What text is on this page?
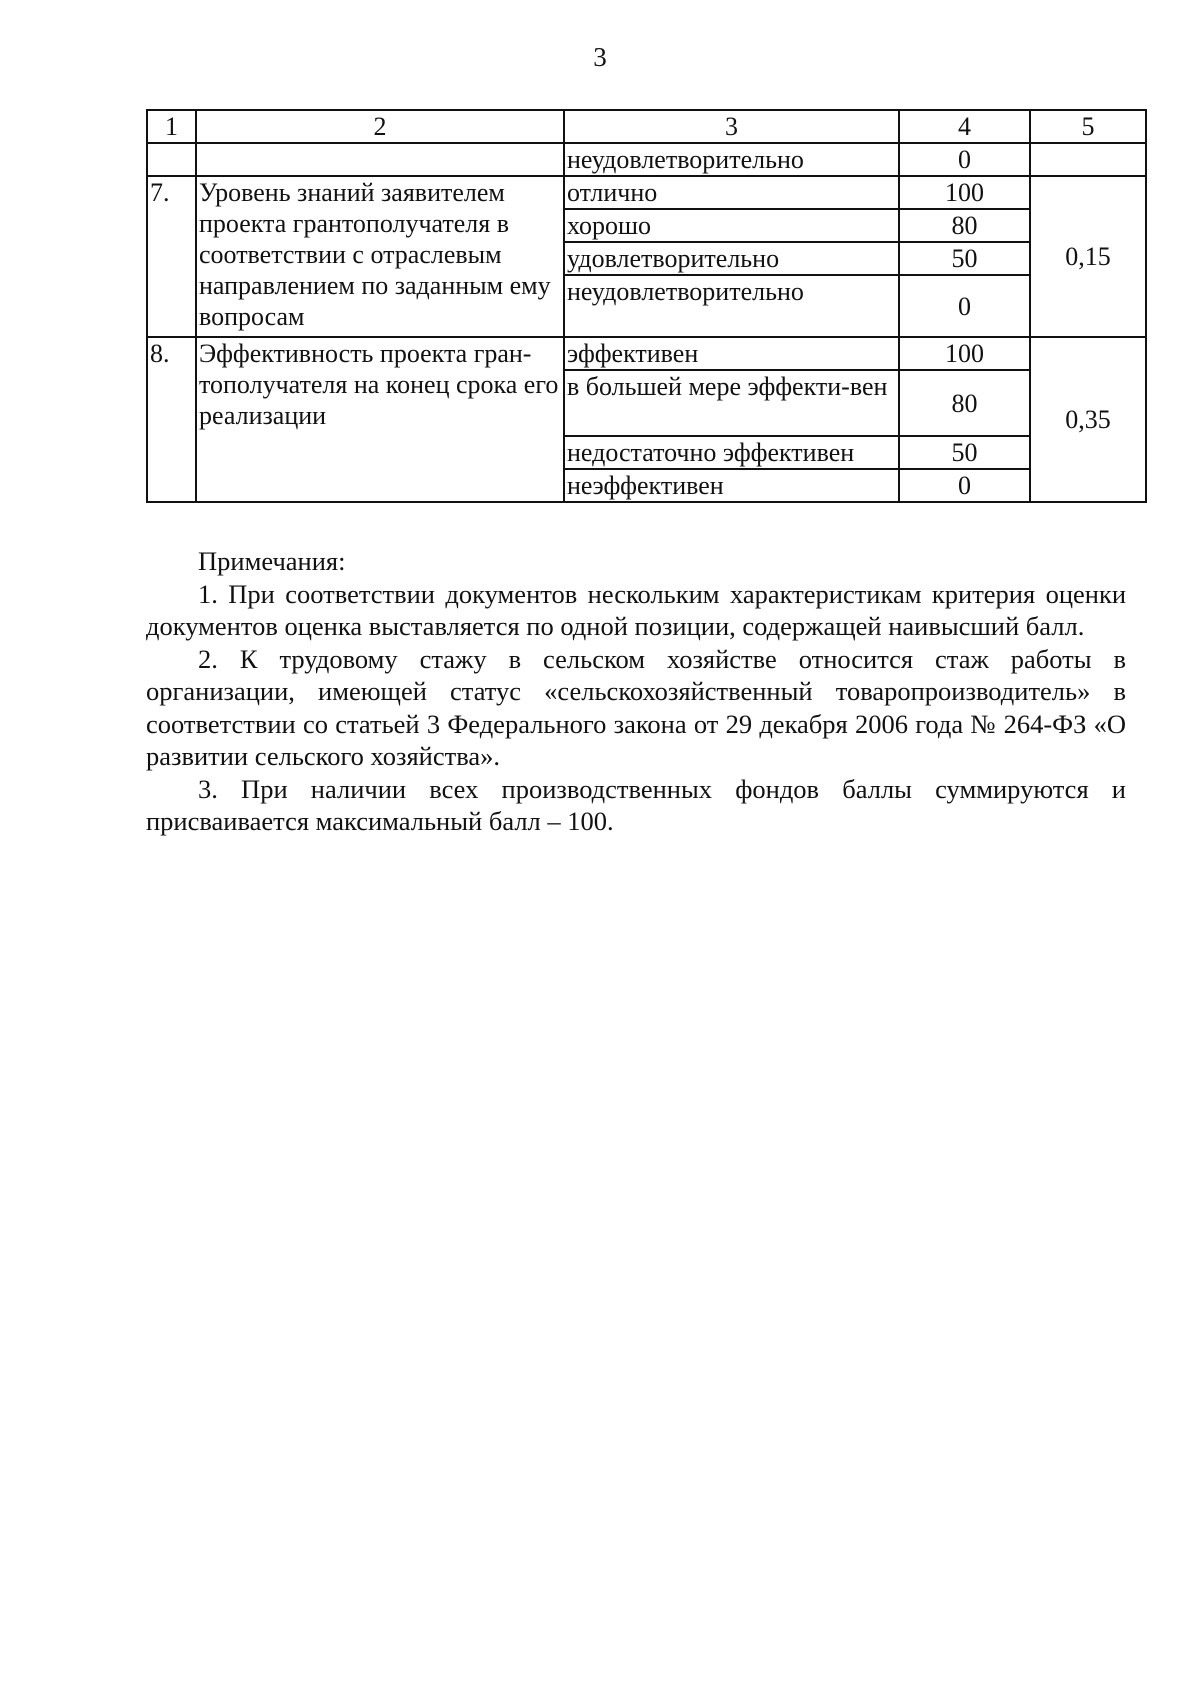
3
1	2	3	4	5
		неудовлетворительно	0	
7.	Уровень знаний заявителем проекта грантополучателя в соответствии с отраслевым направлением по заданным ему вопросам	отлично	100	0,15
		хорошо	80	
		удовлетворительно	50	
		неудовлетворительно	0	
8.	Эффективность проекта гран-тополучателя на конец срока его реализации	эффективен	100	0,35
		в большей мере эффекти-вен	80	
		недостаточно эффективен	50	
		неэффективен	0	

Примечания:

1. При соответствии документов нескольким характеристикам критерия оценки документов оценка выставляется по одной позиции, содержащей наивысший балл.

2. К трудовому стажу в сельском хозяйстве относится стаж работы в организации, имеющей статус «сельскохозяйственный товаропроизводитель» в соответствии со статьей 3 Федерального закона от 29 декабря 2006 года № 264-ФЗ «О развитии сельского хозяйства».

3. При наличии всех производственных фондов баллы суммируются и присваивается максимальный балл – 100.
